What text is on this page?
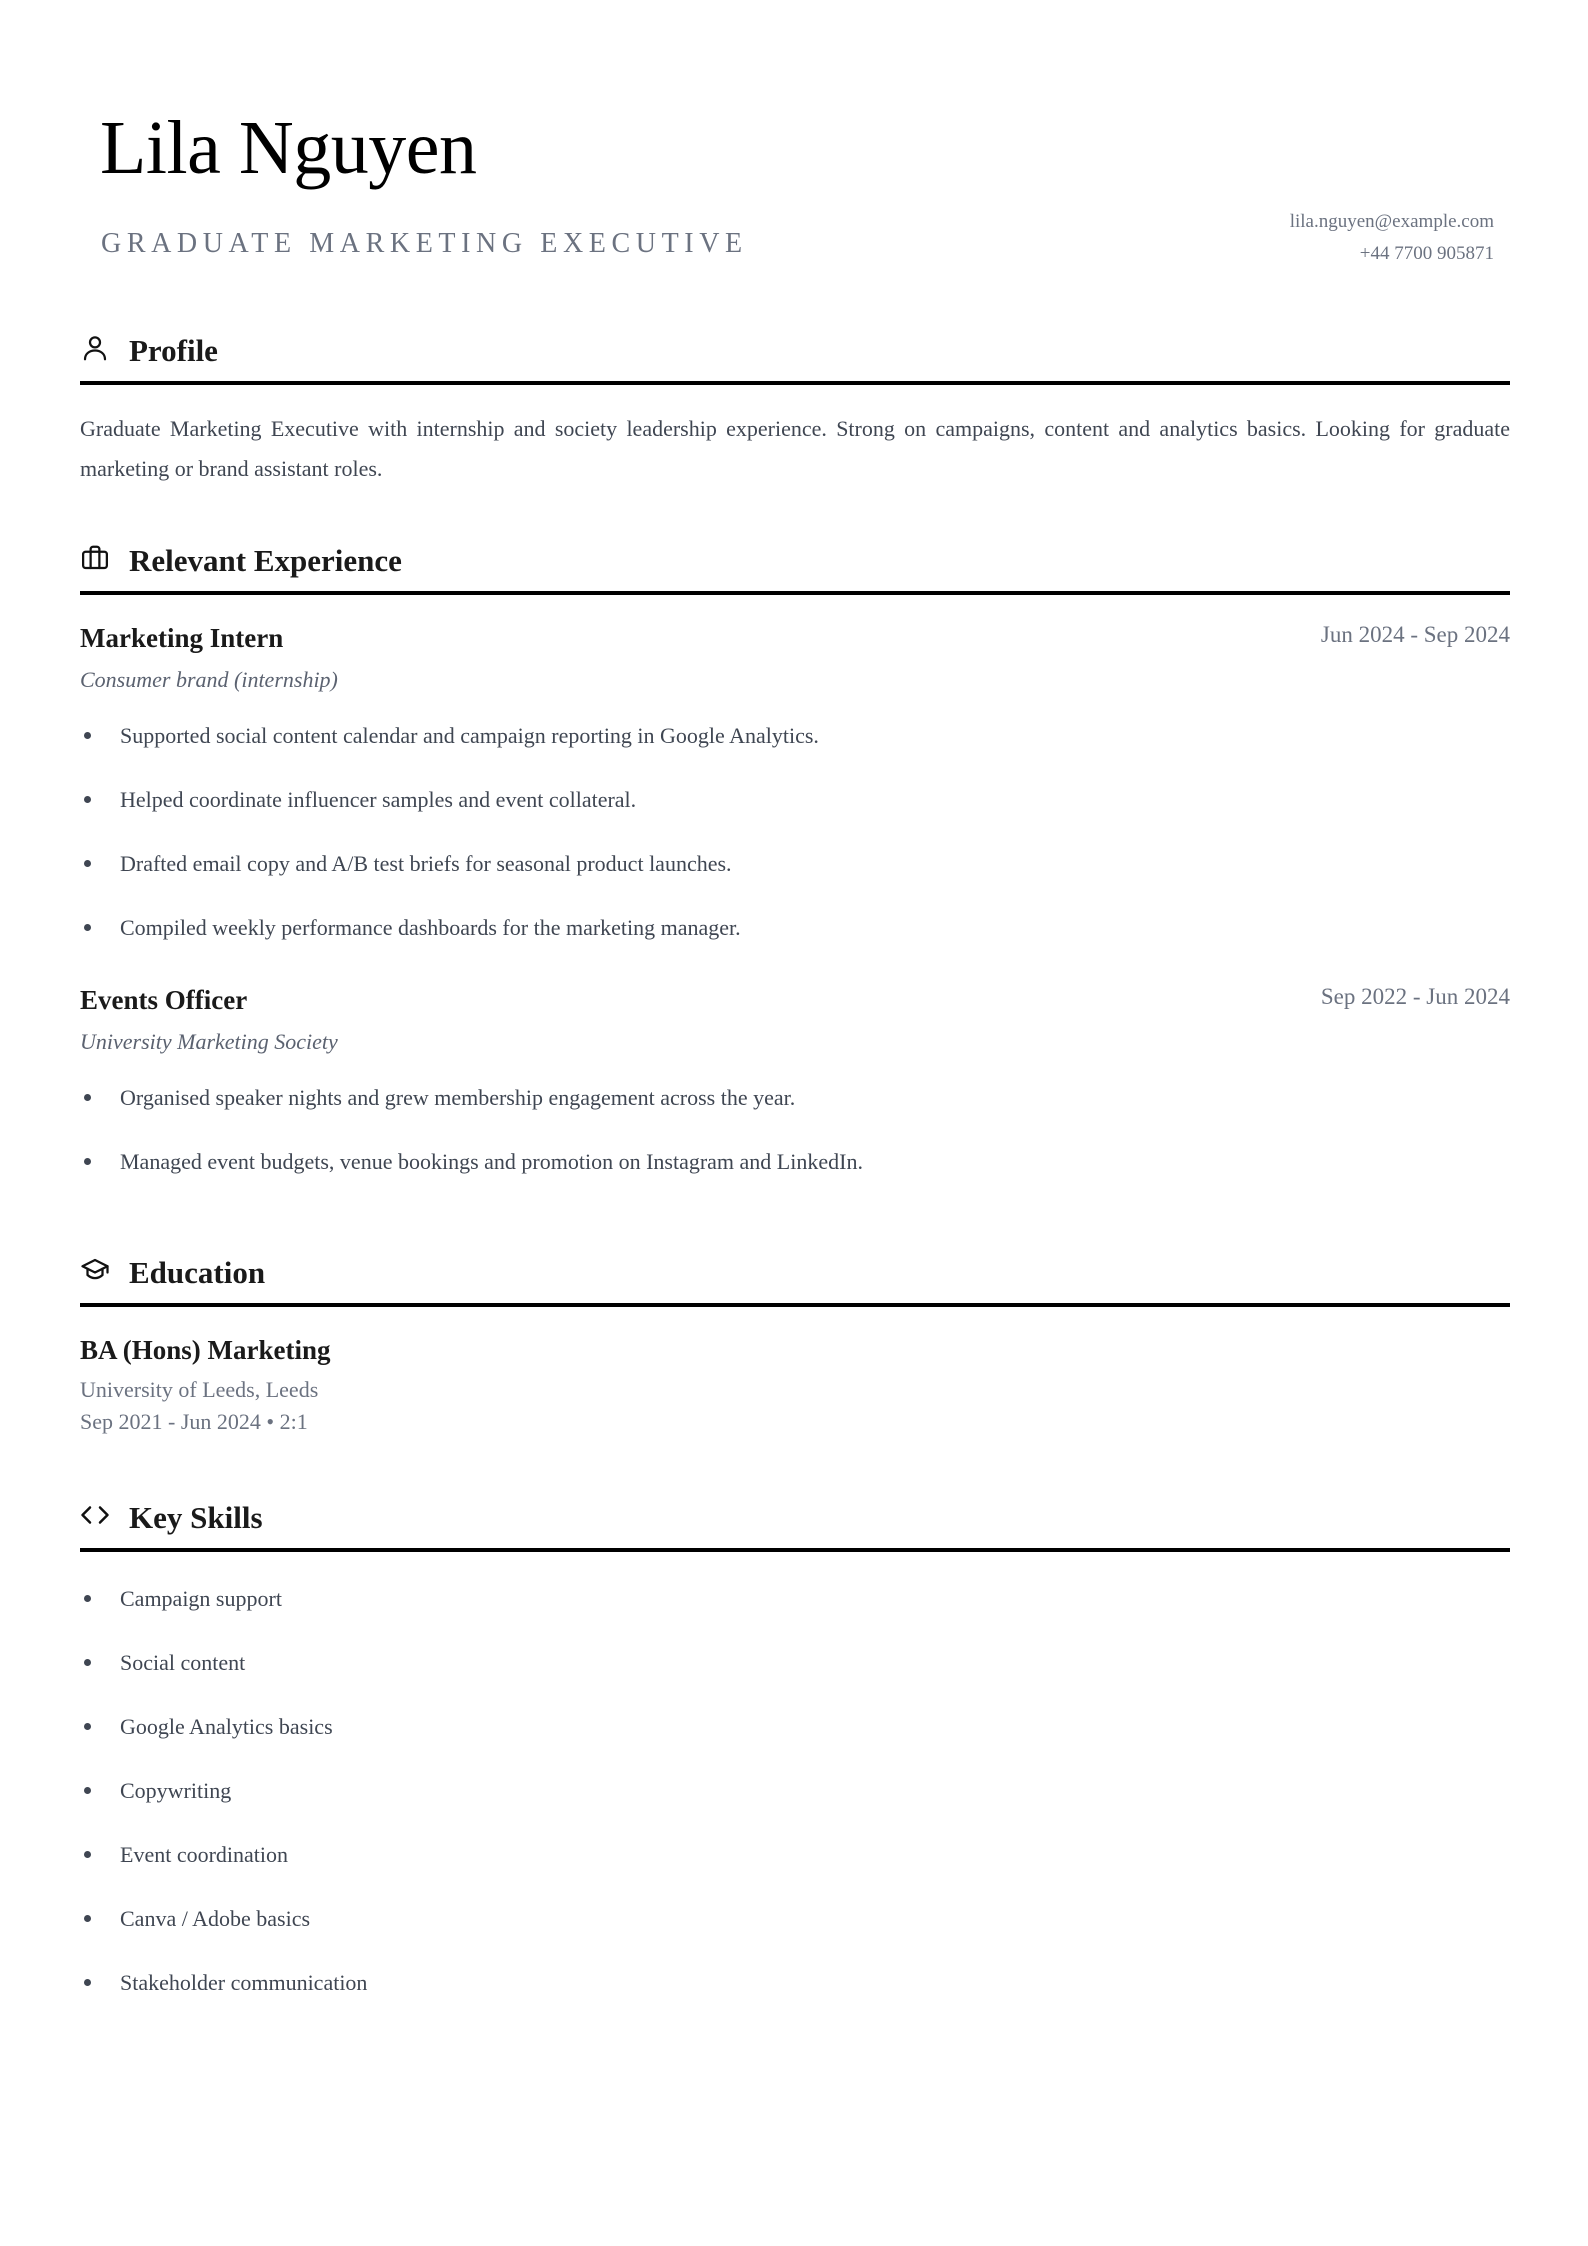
Lila Nguyen
GRADUATE MARKETING EXECUTIVE
lila.nguyen@example.com
+44 7700 905871
Profile

Graduate Marketing Executive with internship and society leadership experience. Strong on campaigns, content and analytics basics. Looking for graduate marketing or brand assistant roles.

Relevant Experience
Marketing Intern	Jun 2024 - Sep 2024
Consumer brand (internship)
Supported social content calendar and campaign reporting in Google Analytics.
Helped coordinate influencer samples and event collateral.
Drafted email copy and A/B test briefs for seasonal product launches.
Compiled weekly performance dashboards for the marketing manager.
Events Officer	Sep 2022 - Jun 2024
University Marketing Society
Organised speaker nights and grew membership engagement across the year.
Managed event budgets, venue bookings and promotion on Instagram and LinkedIn.
Education
BA (Hons) Marketing
University of Leeds, Leeds
Sep 2021 - Jun 2024 • 2:1
Key Skills
Campaign support
Social content
Google Analytics basics
Copywriting
Event coordination
Canva / Adobe basics
Stakeholder communication
